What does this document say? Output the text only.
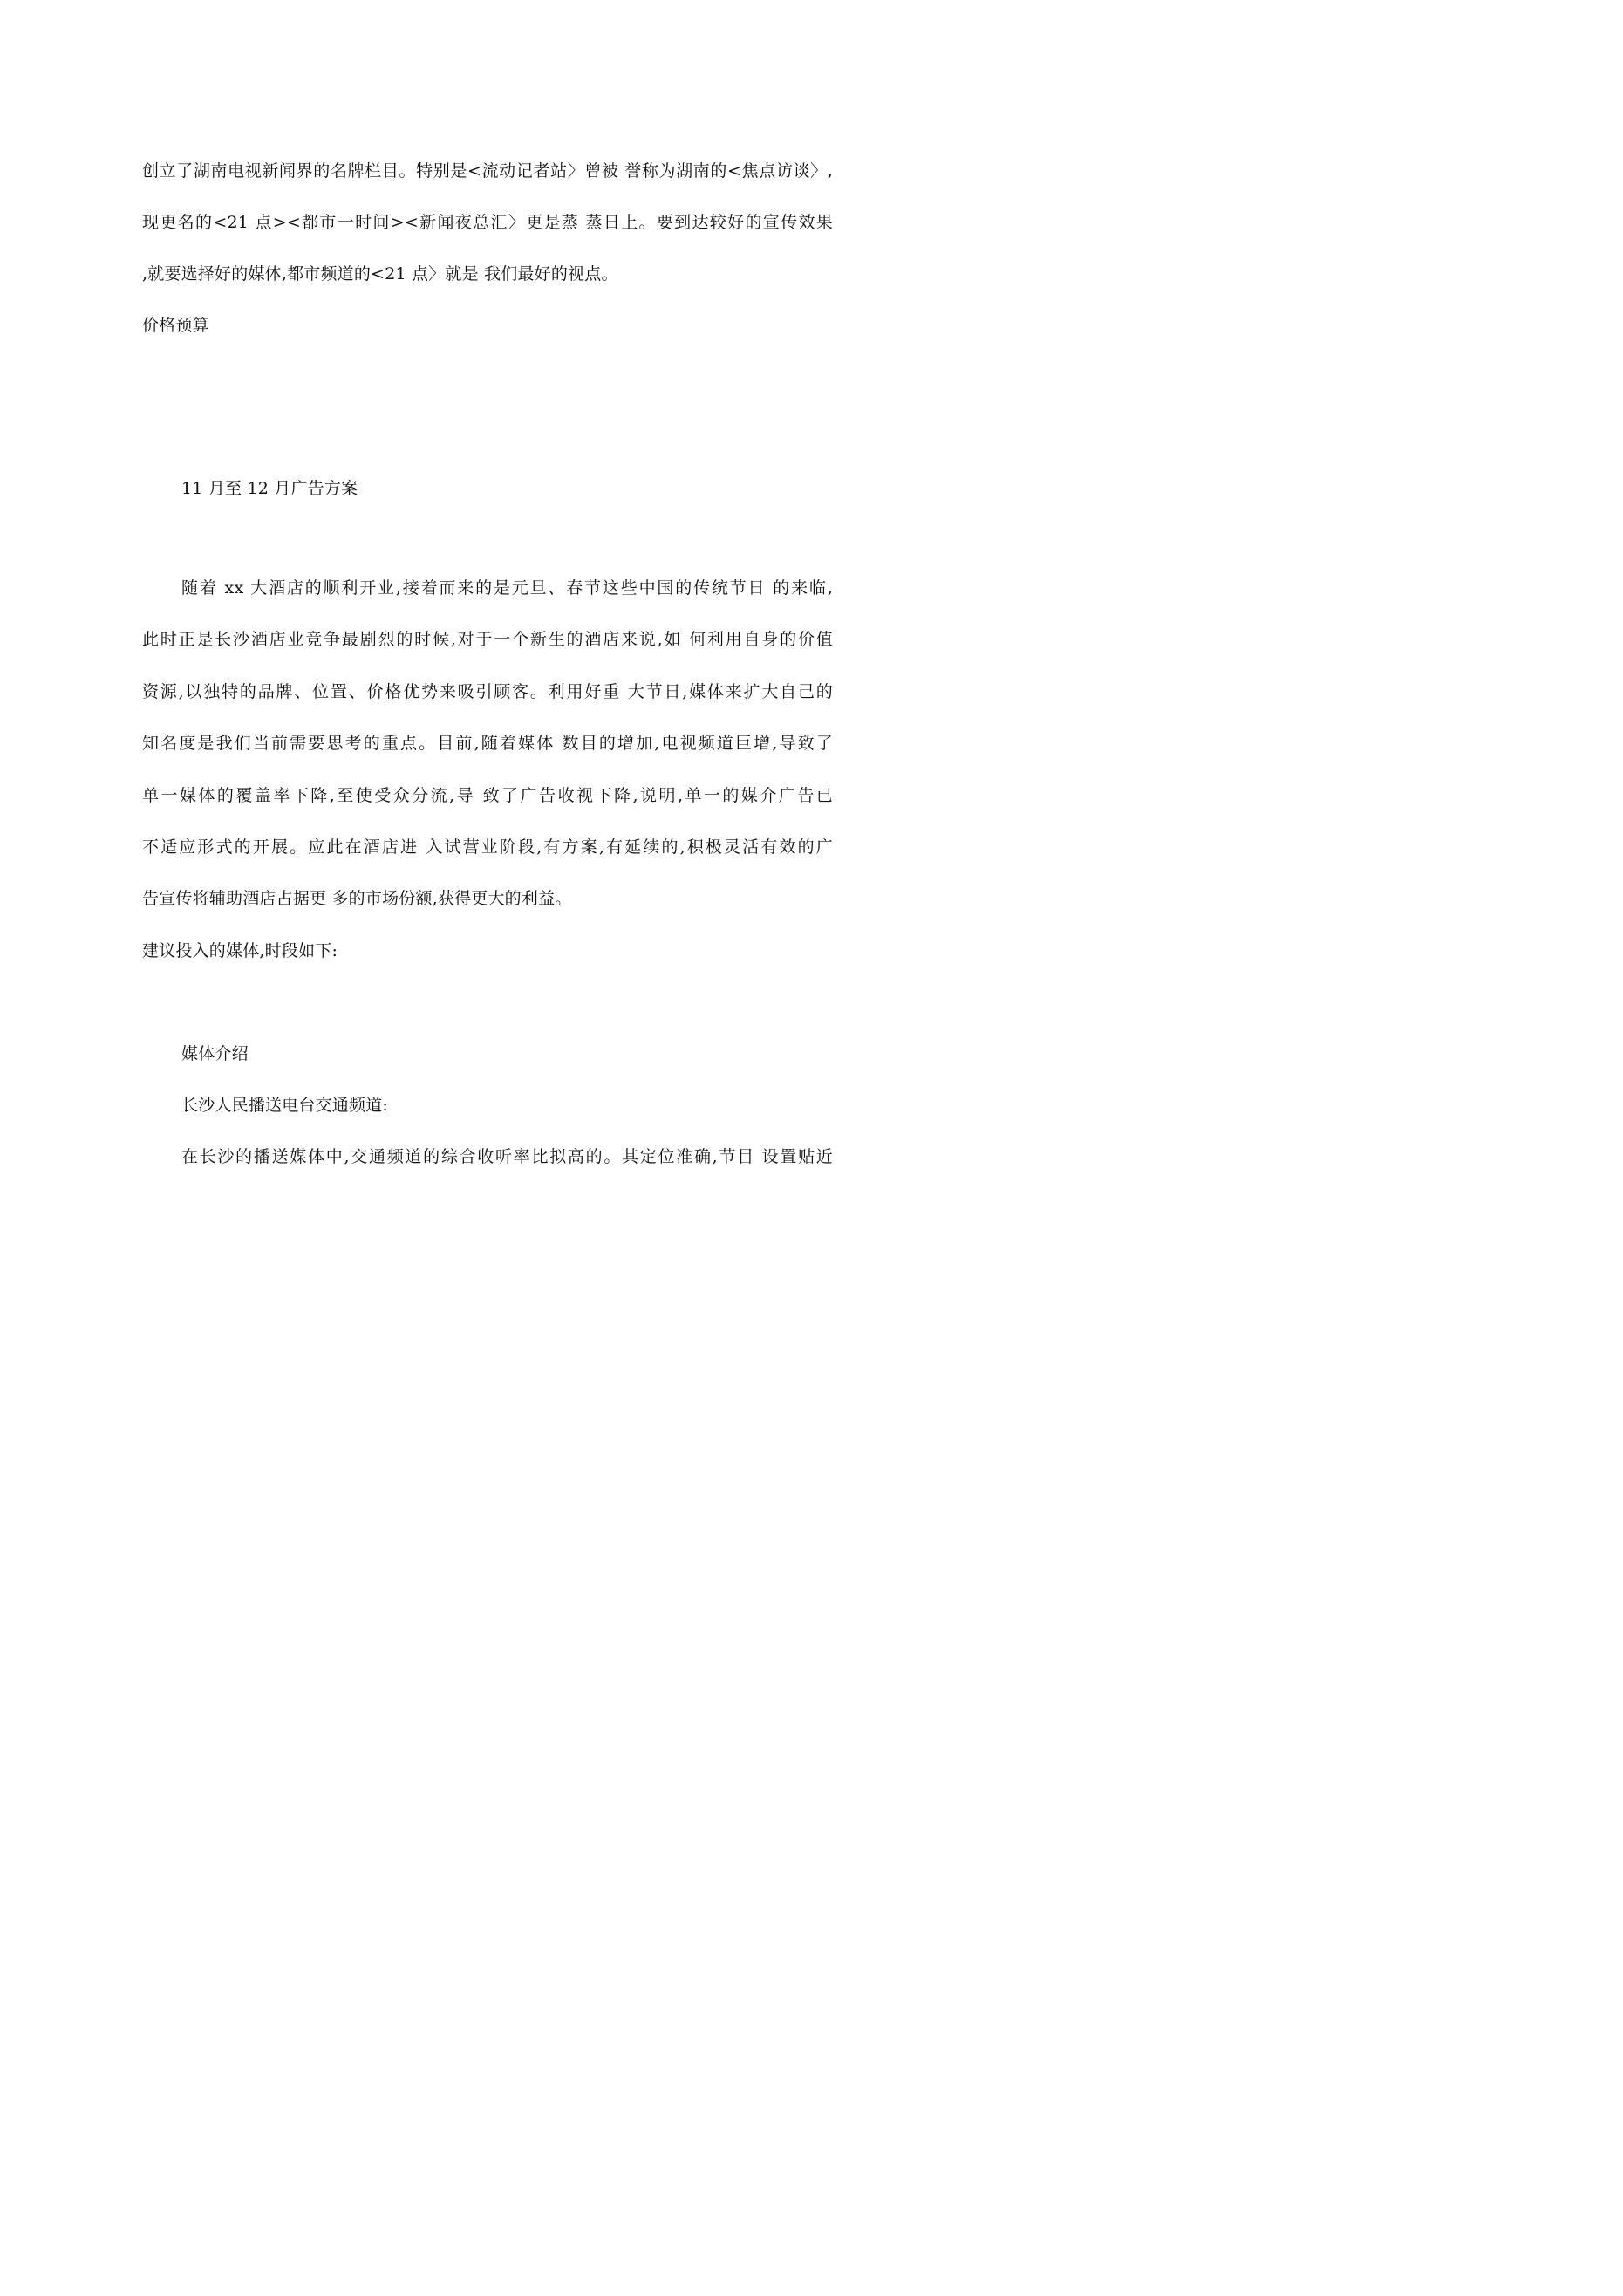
创立了湖南电视新闻界的名牌栏目。特别是<流动记者站〉曾被 誉称为湖南的<焦点访谈〉,
现更名的<21 点><都市一时间><新闻夜总汇〉更是蒸 蒸日上。要到达较好的宣传效果
,就要选择好的媒体,都市频道的<21 点〉就是 我们最好的视点。
价格预算
11 月至 12 月广告方案
随着 xx 大酒店的顺利开业,接着而来的是元旦、春节这些中国的传统节日 的来临,
此时正是长沙酒店业竞争最剧烈的时候,对于一个新生的酒店来说,如 何利用自身的价值
资源,以独特的品牌、位置、价格优势来吸引顾客。利用好重 大节日,媒体来扩大自己的
知名度是我们当前需要思考的重点。目前,随着媒体 数目的增加,电视频道巨增,导致了
单一媒体的覆盖率下降,至使受众分流,导 致了广告收视下降,说明,单一的媒介广告已
不适应形式的开展。应此在酒店进 入试营业阶段,有方案,有延续的,积极灵活有效的广
告宣传将辅助酒店占据更 多的市场份额,获得更大的利益。
建议投入的媒体,时段如下:
媒体介绍
长沙人民播送电台交通频道:
在长沙的播送媒体中,交通频道的综合收听率比拟高的。其定位准确,节目 设置贴近
